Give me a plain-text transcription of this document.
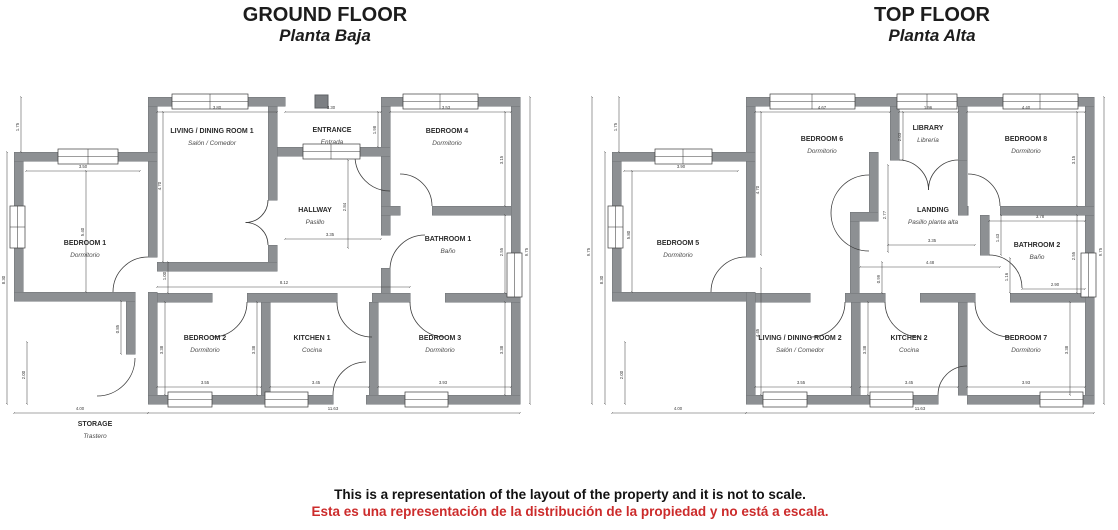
GROUND FLOOR
Planta Baja
TOP FLOOR
Planta Alta
3.80	3.30	3.53
1.75
8.30
2.00
3.50
5.40
4.70
1.98
2.84
3.35
8.12
1.00
3.15
2.55	9.75
3.38	3.38	3.38
3.55	3.45	3.93
0.85
4.00	11.63
LIVING / DINING ROOM 1
Salón / Comedor
ENTRANCE
Entrada
BEDROOM 4
Dormitorio
BEDROOM 1
Dormitorio
HALLWAY
Pasillo
BATHROOM 1
Baño
BEDROOM 2
Dormitorio
KITCHEN 1
Cocina
BEDROOM 3
Dormitorio
STORAGE
Trastero
4.67	1.96	4.40
1.75
9.75
8.30
2.00
3.90
5.80
4.70
2.03
2.77
3.35
4.48
0.99
3.78
1.43
1.16
2.90
2.55
3.15
9.75
4.45
3.38	3.38
3.55	3.45	3.93
4.00	11.63
BEDROOM 6
Dormitorio
LIBRARY
Librería	BEDROOM 8
Dormitorio
BEDROOM 5
Dormitorio
LANDING
Pasillo planta alta
BATHROOM 2
Baño
LIVING / DINING ROOM 2
Salón / Comedor
KITCHEN 2
Cocina
BEDROOM 7
Dormitorio
This is a representation of the layout of the property and it is not to scale.
Esta es una representación de la distribución de la propiedad y no está a escala.
